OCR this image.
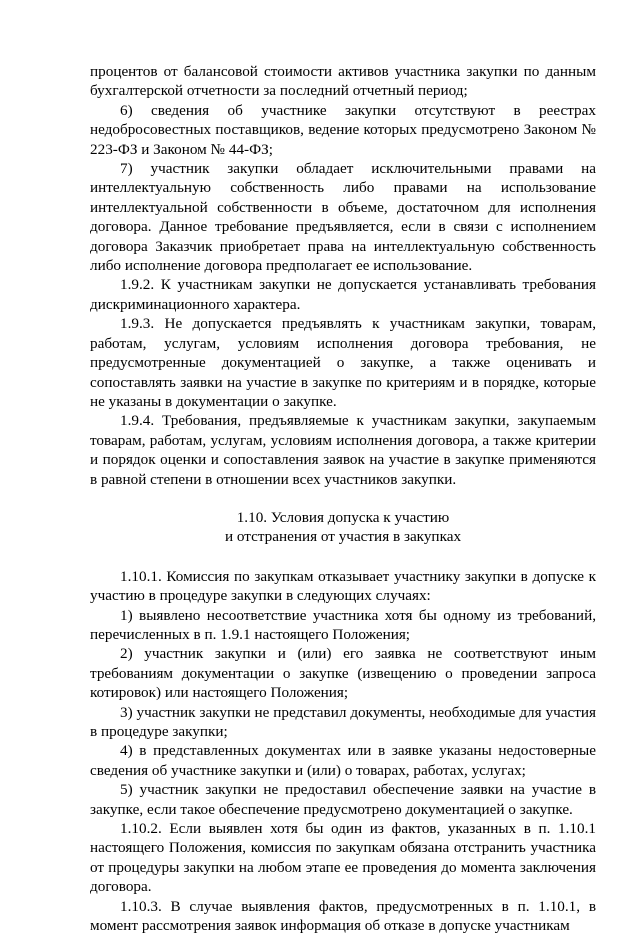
процентов от балансовой стоимости активов участника закупки по данным бухгалтерской отчетности за последний отчетный период;

6) сведения об участнике закупки отсутствуют в реестрах недобросовестных поставщиков, ведение которых предусмотрено Законом № 223-ФЗ и Законом № 44-ФЗ;

7) участник закупки обладает исключительными правами на интеллектуальную собственность либо правами на использование интеллектуальной собственности в объеме, достаточном для исполнения договора. Данное требование предъявляется, если в связи с исполнением договора Заказчик приобретает права на интеллектуальную собственность либо исполнение договора предполагает ее использование.

1.9.2. К участникам закупки не допускается устанавливать требования дискриминационного характера.

1.9.3. Не допускается предъявлять к участникам закупки, товарам, работам, услугам, условиям исполнения договора требования, не предусмотренные документацией о закупке, а также оценивать и сопоставлять заявки на участие в закупке по критериям и в порядке, которые не указаны в документации о закупке.

1.9.4. Требования, предъявляемые к участникам закупки, закупаемым товарам, работам, услугам, условиям исполнения договора, а также критерии и порядок оценки и сопоставления заявок на участие в закупке применяются в равной степени в отношении всех участников закупки.

1.10. Условия допуска к участию
и отстранения от участия в закупках

1.10.1. Комиссия по закупкам отказывает участнику закупки в допуске к участию в процедуре закупки в следующих случаях:

1) выявлено несоответствие участника хотя бы одному из требований, перечисленных в п. 1.9.1 настоящего Положения;

2) участник закупки и (или) его заявка не соответствуют иным требованиям документации о закупке (извещению о проведении запроса котировок) или настоящего Положения;

3) участник закупки не представил документы, необходимые для участия в процедуре закупки;

4) в представленных документах или в заявке указаны недостоверные сведения об участнике закупки и (или) о товарах, работах, услугах;

5) участник закупки не предоставил обеспечение заявки на участие в закупке, если такое обеспечение предусмотрено документацией о закупке.

1.10.2. Если выявлен хотя бы один из фактов, указанных в п. 1.10.1 настоящего Положения, комиссия по закупкам обязана отстранить участника от процедуры закупки на любом этапе ее проведения до момента заключения договора.

1.10.3. В случае выявления фактов, предусмотренных в п. 1.10.1, в момент рассмотрения заявок информация об отказе в допуске участникам
